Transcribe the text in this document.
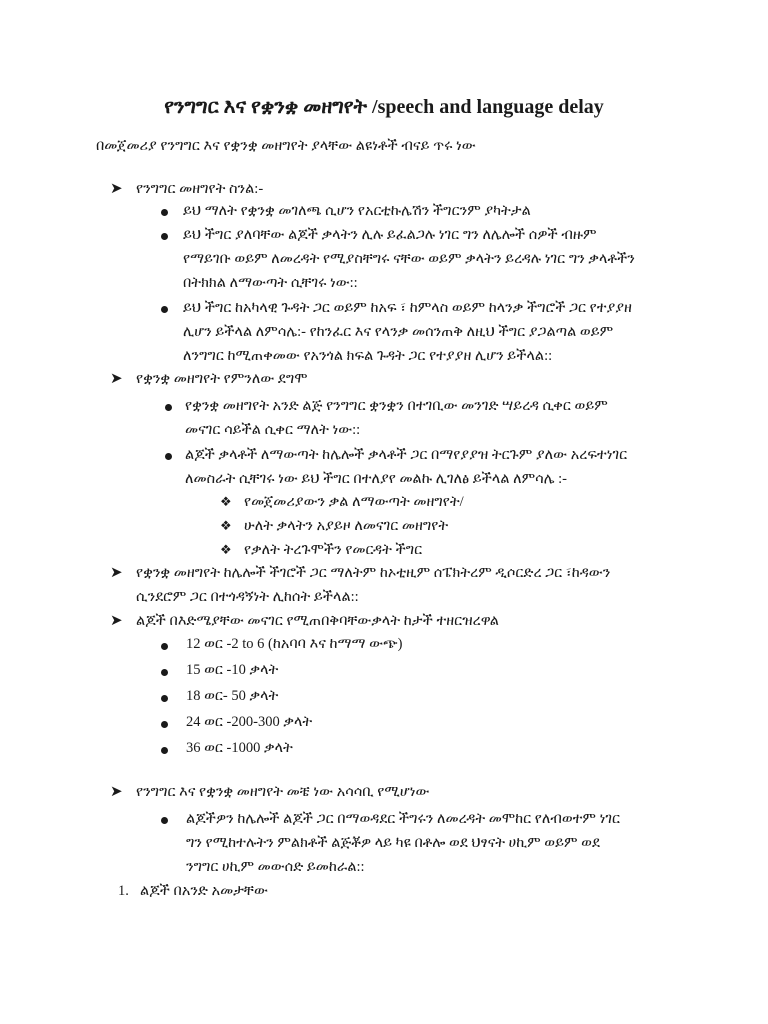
የንግግር እና የቋንቋ መዘግየት /speech and language delay
በመጀመሪያ የንግግር እና የቋንቋ መዘግየት ያላቸው ልዩነቶች ብናይ ጥሩ ነው
➤ የንግግር መዘግየት ስንል:-
ይህ ማለት የቋንቋ መገለጫ ሲሆን የአርቲኩሌሽን ችግርንም ያካትታል
ይህ ችግር ያለባቸው ልጆች ቃላትን ሊሉ ይፈልጋሉ ነገር ግን ለሌሎች ሰዎች ብዙም
የማይገቡ ወይም ለመረዳት የሚያስቸግሩ ናቸው ወይም ቃላትን ይረዳሉ ነገር ግን ቃላቶችን
በትክክል ለማውጣት ሲቸገሩ ነው::
ይህ ችግር ከአካላዊ ጉዳት ጋር ወይም ከአፍ ፣ ከምላስ ወይም ከላንቃ ችግሮች ጋር የተያያዘ
ሊሆን ይችላል ለምሳሌ:- የከንፈር እና የላንቃ መሰንጠቅ ለዚህ ችግር ያጋልጣል ወይም
ለንግግር ከሚጠቀመው የአንጎል ክፍል ጉዳት ጋር የተያያዘ ሊሆን ይችላል::
➤ የቋንቋ መዘግየት የምንለው ደግሞ
የቋንቋ መዘግየት አንድ ልጅ የንግግር ቋንቋን በተገቢው መንገድ ሣይረዳ ሲቀር ወይም
መናገር ሳይችል ሲቀር ማለት ነው::
ልጆች ቃላቶች ለማውጣት ከሌሎች ቃላቶች ጋር በማየያያዝ ትርጉም ያለው አረፍተነገር
ለመስራት ሲቸገሩ ነው ይህ ችግር በተለያየ መልኩ ሊገለፅ ይችላል ለምሳሌ :-
❖ የመጀመሪያውን ቃል ለማውጣት መዘግየት/
❖ ሁለት ቃላትን አያይዞ ለመናገር መዘግየት
❖ የቃለት ትረጉሞችን የመርዳት ችግር
➤ የቋንቋ መዘግየት ከሌሎች ችገሮች ጋር ማለትም ከኦቲዚም ሰፔክትረም ዲሶርድረ ጋር ፣ከዳውን
ሲንደሮም ጋር በተጎዳኝነት ሊከሰት ይችላል::
➤ ልጆች በእድሜያቸው መናገር የሚጠበቅባቸውቃላት ከታች ተዘርዝረዋል
12 ወር -2 to 6 (ከአባባ እና ከማማ ውጭ)
15 ወር -10 ቃላት
18 ወር- 50 ቃላት
24 ወር -200-300 ቃላት
36 ወር -1000 ቃላት
➤ የንግግር እና የቋንቋ መዘግየት መቼ ነው አሳሳቢ የሚሆነው
ልጆችዎን ከሌሎች ልጆች ጋር በማወዳደር ችግሩን ለመረዳት መሞከር የለብወተም ነገር
ግን የሚከተሉትን ምልክቶች ልጅቾዎ ላይ ካዩ በቶሎ ወደ ህፃናት ሀኪም ወይም ወደ
ንግግር ሀኪም መውሰድ ይመከራል::
1. ልጆች በአንድ አመታቸው
